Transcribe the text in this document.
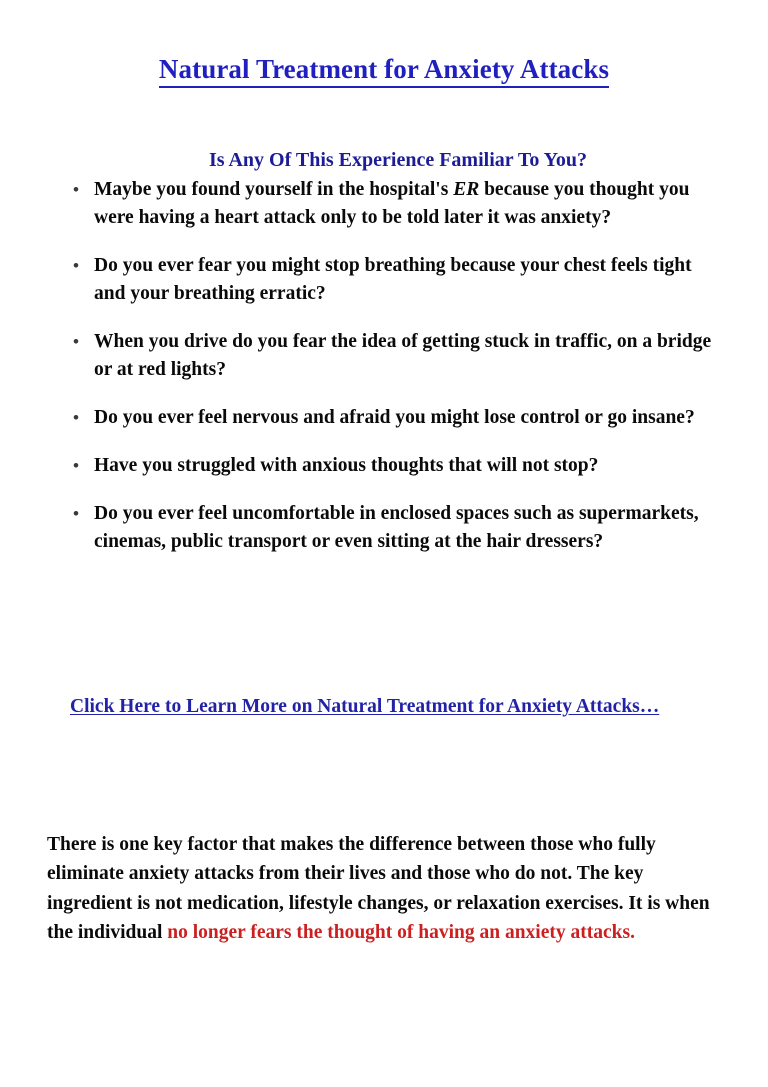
Natural Treatment for Anxiety Attacks
Is Any Of This Experience Familiar To You?
• Maybe you found yourself in the hospital's ER because you thought you were having a heart attack only to be told later it was anxiety?
• Do you ever fear you might stop breathing because your chest feels tight and your breathing erratic?
• When you drive do you fear the idea of getting stuck in traffic, on a bridge or at red lights?
• Do you ever feel nervous and afraid you might lose control or go insane?
• Have you struggled with anxious thoughts that will not stop?
• Do you ever feel uncomfortable in enclosed spaces such as supermarkets, cinemas, public transport or even sitting at the hair dressers?
Click Here to Learn More on Natural Treatment for Anxiety Attacks…

There is one key factor that makes the difference between those who fully eliminate anxiety attacks from their lives and those who do not. The key ingredient is not medication, lifestyle changes, or relaxation exercises. It is when the individual no longer fears the thought of having an anxiety attacks.
